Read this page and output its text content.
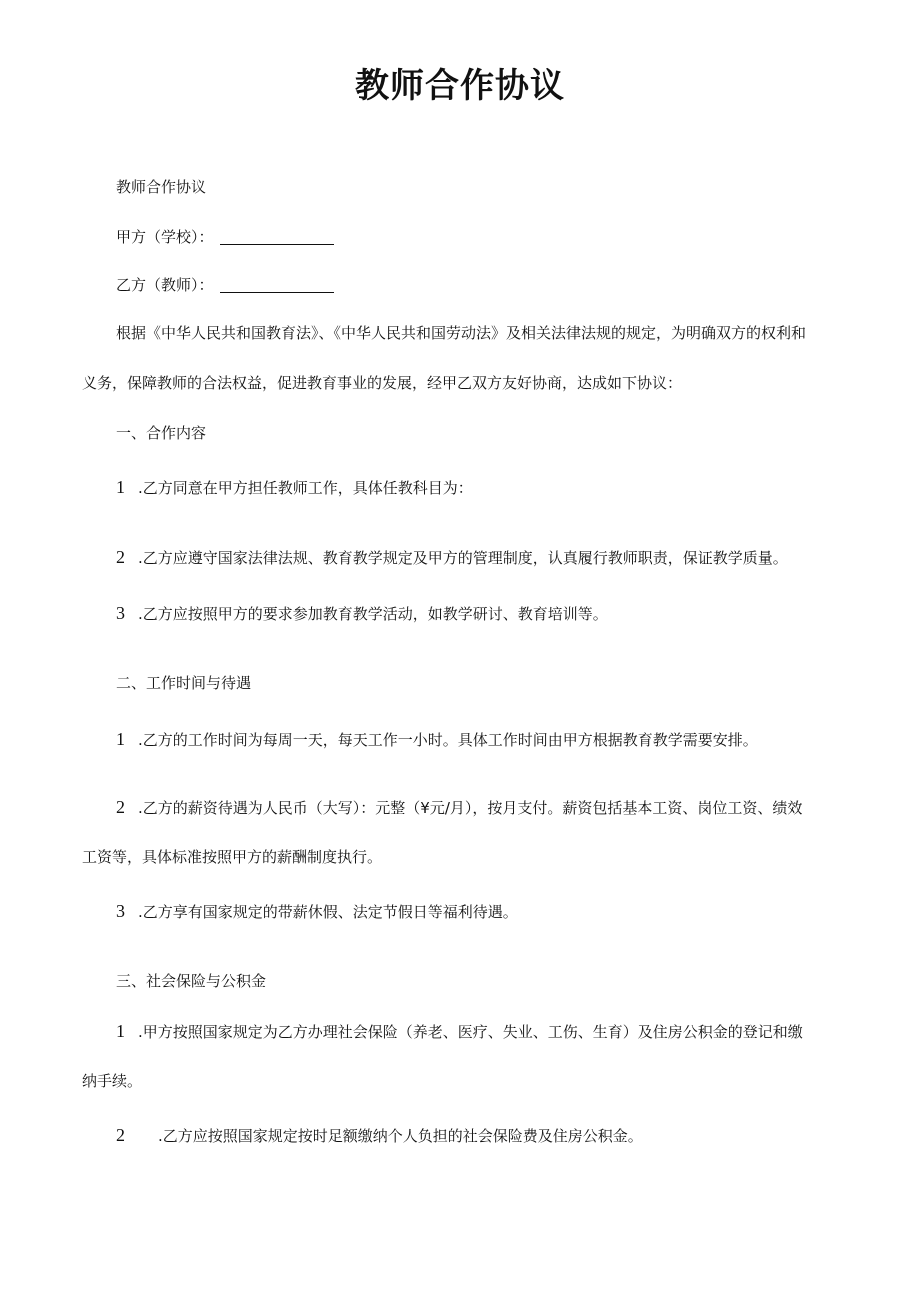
教师合作协议
教师合作协议
甲方（学校）：
乙方（教师）：
根据《中华人民共和国教育法》、《中华人民共和国劳动法》及相关法律法规的规定，为明确双方的权利和
义务，保障教师的合法权益，促进教育事业的发展，经甲乙双方友好协商，达成如下协议：
一、合作内容
1 .乙方同意在甲方担任教师工作，具体任教科目为：
2 .乙方应遵守国家法律法规、教育教学规定及甲方的管理制度，认真履行教师职责，保证教学质量。
3 .乙方应按照甲方的要求参加教育教学活动，如教学研讨、教育培训等。
二、工作时间与待遇
1 .乙方的工作时间为每周一天，每天工作一小时。具体工作时间由甲方根据教育教学需要安排。
2 .乙方的薪资待遇为人民币（大写）：元整（¥元/月），按月支付。薪资包括基本工资、岗位工资、绩效
工资等，具体标准按照甲方的薪酬制度执行。
3 .乙方享有国家规定的带薪休假、法定节假日等福利待遇。
三、社会保险与公积金
1 .甲方按照国家规定为乙方办理社会保险（养老、医疗、失业、工伤、生育）及住房公积金的登记和缴
纳手续。
2 .乙方应按照国家规定按时足额缴纳个人负担的社会保险费及住房公积金。
